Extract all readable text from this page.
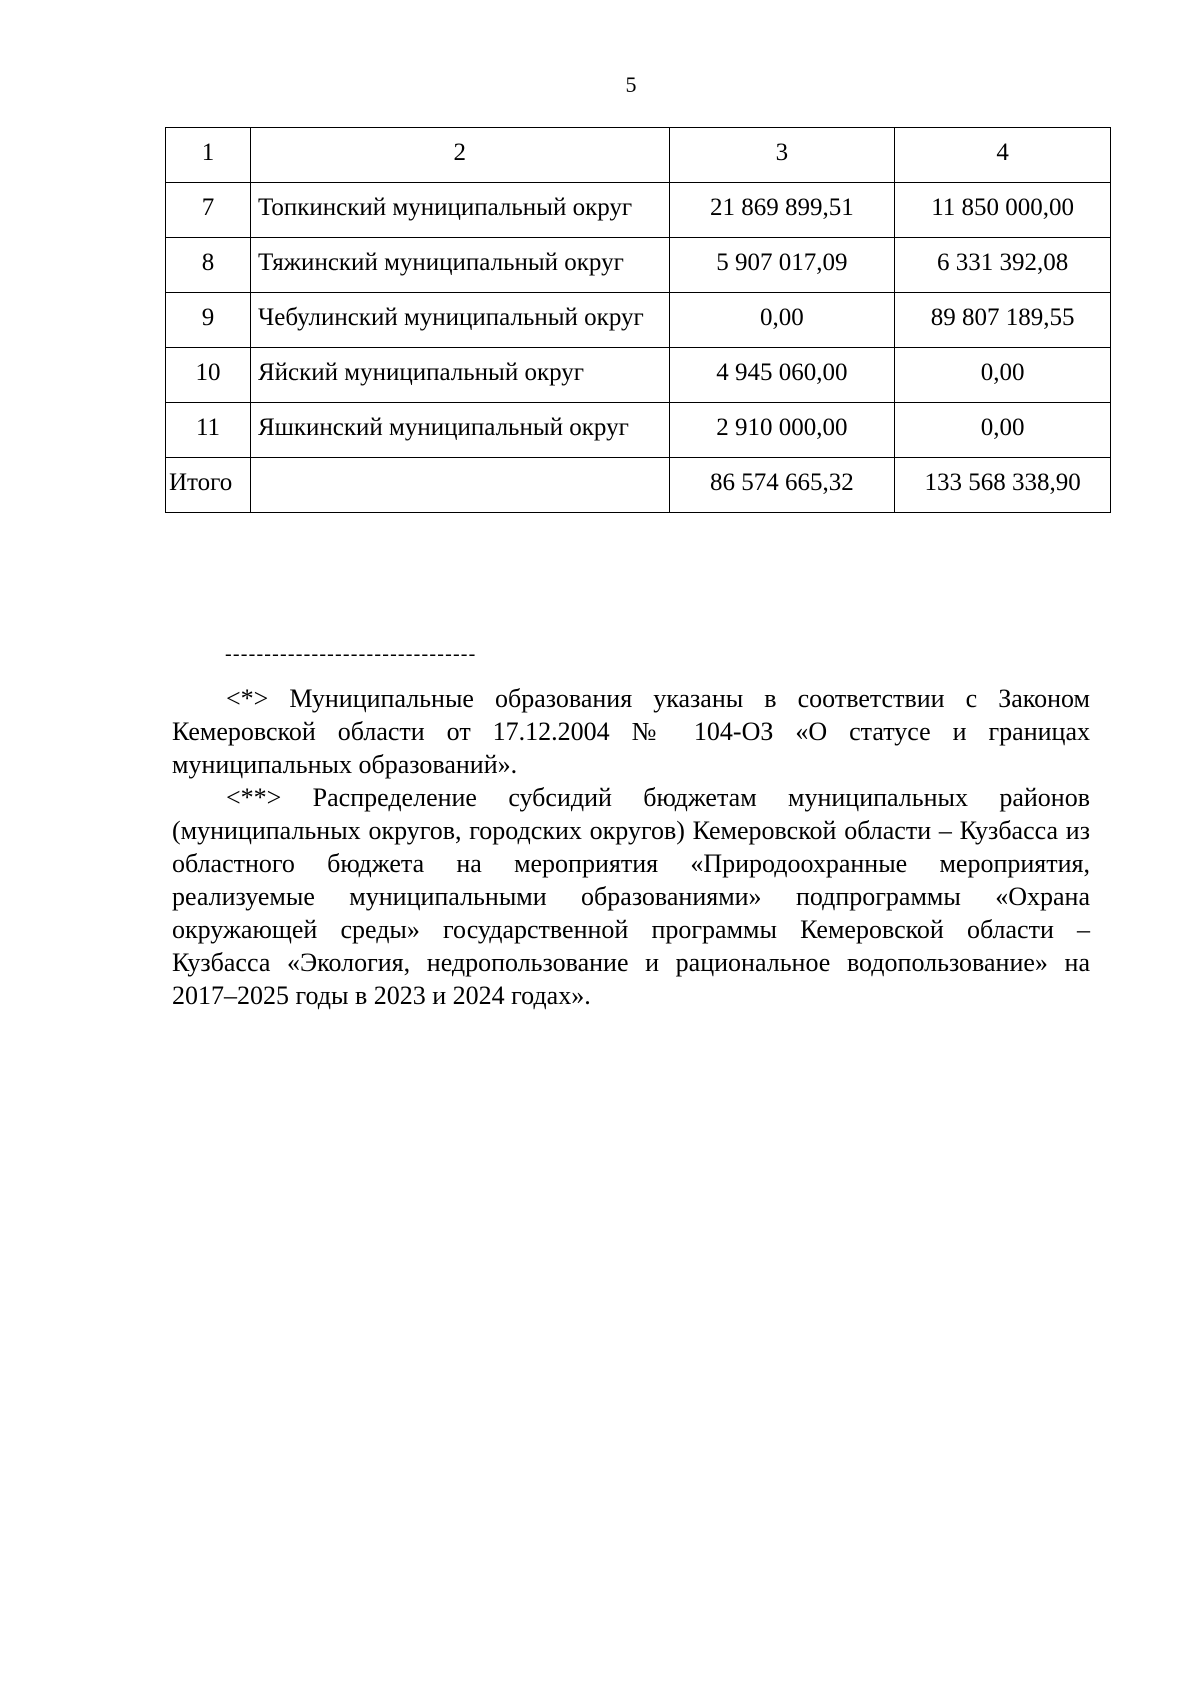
5
1	2	3	4
7	Топкинский муниципальный округ	21 869 899,51	11 850 000,00
8	Тяжинский муниципальный округ	5 907 017,09	6 331 392,08
9	Чебулинский муниципальный округ	0,00	89 807 189,55
10	Яйский муниципальный округ	4 945 060,00	0,00
11	Яшкинский муниципальный округ	2 910 000,00	0,00
Итого		86 574 665,32	133 568 338,90
--------------------------------

<*> Муниципальные образования указаны в соответствии с Законом Кемеровской области от 17.12.2004 № 104-ОЗ «О статусе и границах муниципальных образований».

<**> Распределение субсидий бюджетам муниципальных районов (муниципальных округов, городских округов) Кемеровской области – Кузбасса из областного бюджета на мероприятия «Природоохранные мероприятия, реализуемые муниципальными образованиями» подпрограммы «Охрана окружающей среды» государственной программы Кемеровской области – Кузбасса «Экология, недропользование и рациональное водопользование» на 2017–2025 годы в 2023 и 2024 годах».
